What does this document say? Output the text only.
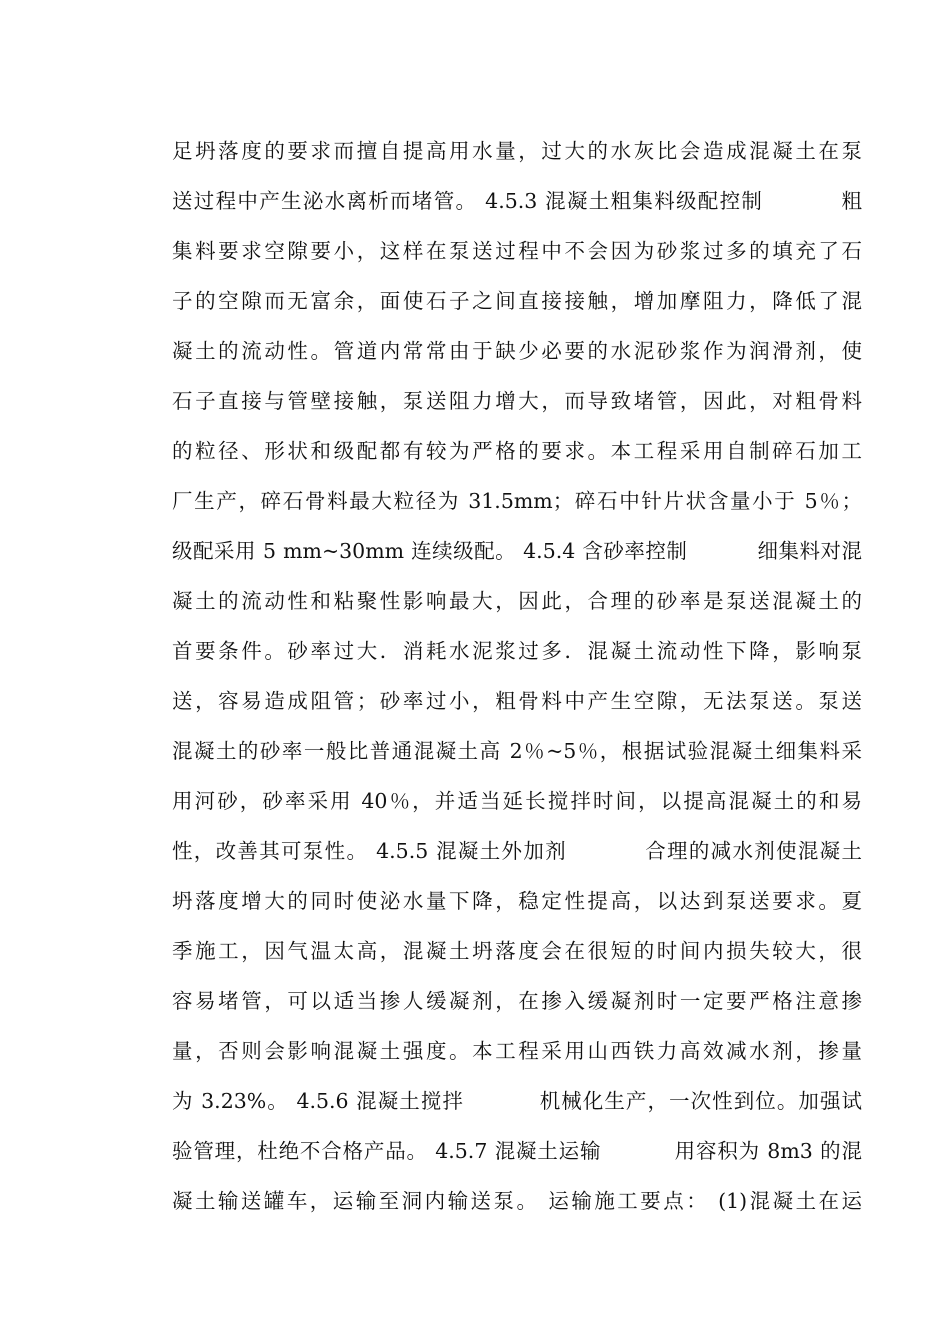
足坍落度的要求而擅自提高用水量，过大的水灰比会造成混凝土在泵
送过程中产生泌水离析而堵管。 4.5.3 混凝土粗集料级配控制          粗
集料要求空隙要小，这样在泵送过程中不会因为砂浆过多的填充了石
子的空隙而无富余，面使石子之间直接接触，增加摩阻力，降低了混
凝土的流动性。管道内常常由于缺少必要的水泥砂浆作为润滑剂，使
石子直接与管壁接触，泵送阻力增大，而导致堵管，因此，对粗骨料
的粒径、形状和级配都有较为严格的要求。本工程采用自制碎石加工
厂生产，碎石骨料最大粒径为 31.5mm；碎石中针片状含量小于 5％；
级配采用 5 mm~30mm 连续级配。 4.5.4 含砂率控制          细集料对混
凝土的流动性和粘聚性影响最大，因此，合理的砂率是泵送混凝土的
首要条件。砂率过大．消耗水泥浆过多．混凝土流动性下降，影响泵
送，容易造成阻管；砂率过小，粗骨料中产生空隙，无法泵送。泵送
混凝土的砂率一般比普通混凝土高 2％~5％，根据试验混凝土细集料采
用河砂，砂率采用 40％，并适当延长搅拌时间，以提高混凝土的和易
性，改善其可泵性。 4.5.5 混凝土外加剂          合理的减水剂使混凝土
坍落度增大的同时使泌水量下降，稳定性提高，以达到泵送要求。夏
季施工，因气温太高，混凝土坍落度会在很短的时间内损失较大，很
容易堵管，可以适当掺人缓凝剂，在掺入缓凝剂时一定要严格注意掺
量，否则会影响混凝土强度。本工程采用山西铁力高效减水剂，掺量
为 3.23%。 4.5.6 混凝土搅拌          机械化生产，一次性到位。加强试
验管理，杜绝不合格产品。 4.5.7 混凝土运输          用容积为 8m3 的混
凝土输送罐车，运输至洞内输送泵。 运输施工要点： (1)混凝土在运
